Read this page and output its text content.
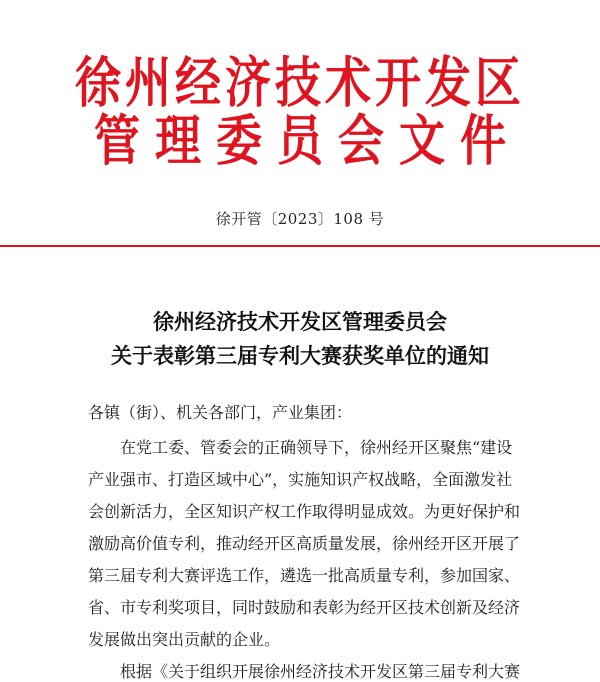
徐州经济技术开发区
管理委员会文件
徐开管〔2023〕108 号
徐州经济技术开发区管理委员会
关于表彰第三届专利大赛获奖单位的通知
各镇（街）、机关各部门，产业集团：
　　在党工委、管委会的正确领导下，徐州经开区聚焦“建设
产业强市、打造区域中心”，实施知识产权战略，全面激发社
会创新活力，全区知识产权工作取得明显成效。为更好保护和
激励高价值专利，推动经开区高质量发展，徐州经开区开展了
第三届专利大赛评选工作，遴选一批高质量专利，参加国家、
省、市专利奖项目，同时鼓励和表彰为经开区技术创新及经济
发展做出突出贡献的企业。
　　根据《关于组织开展徐州经济技术开发区第三届专利大赛
